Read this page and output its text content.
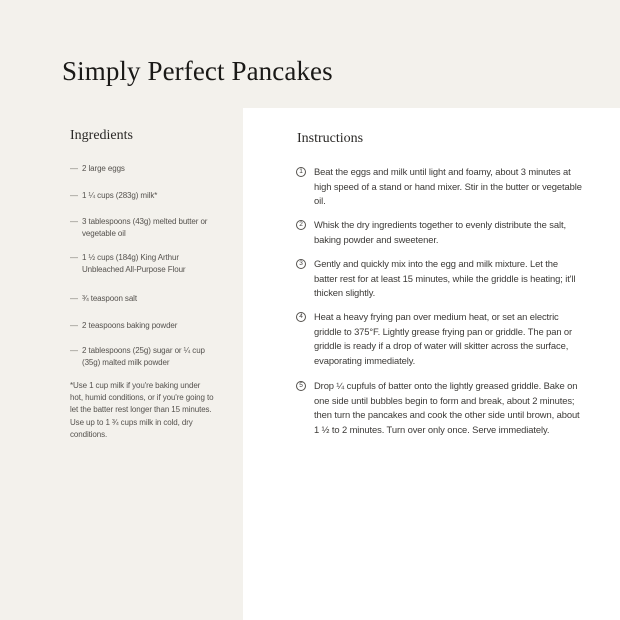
Simply Perfect Pancakes
Ingredients
— 2 large eggs
— 1 ¼ cups (283g) milk*
— 3 tablespoons (43g) melted butter or vegetable oil
— 1 ½ cups (184g) King Arthur Unbleached All-Purpose Flour
— ¾ teaspoon salt
— 2 teaspoons baking powder
— 2 tablespoons (25g) sugar or ¼ cup (35g) malted milk powder
*Use 1 cup milk if you're baking under hot, humid conditions, or if you're going to let the batter rest longer than 15 minutes. Use up to 1 ¾ cups milk in cold, dry conditions.
Instructions
1	Beat the eggs and milk until light and foamy, about 3 minutes at high speed of a stand or hand mixer. Stir in the butter or vegetable oil.
2	Whisk the dry ingredients together to evenly distribute the salt, baking powder and sweetener.
3	Gently and quickly mix into the egg and milk mixture. Let the batter rest for at least 15 minutes, while the griddle is heating; it'll thicken slightly.
4	Heat a heavy frying pan over medium heat, or set an electric griddle to 375°F. Lightly grease frying pan or griddle. The pan or griddle is ready if a drop of water will skitter across the surface, evaporating immediately.
5	Drop ¼ cupfuls of batter onto the lightly greased griddle. Bake on one side until bubbles begin to form and break, about 2 minutes; then turn the pancakes and cook the other side until brown, about 1 ½ to 2 minutes. Turn over only once. Serve immediately.
